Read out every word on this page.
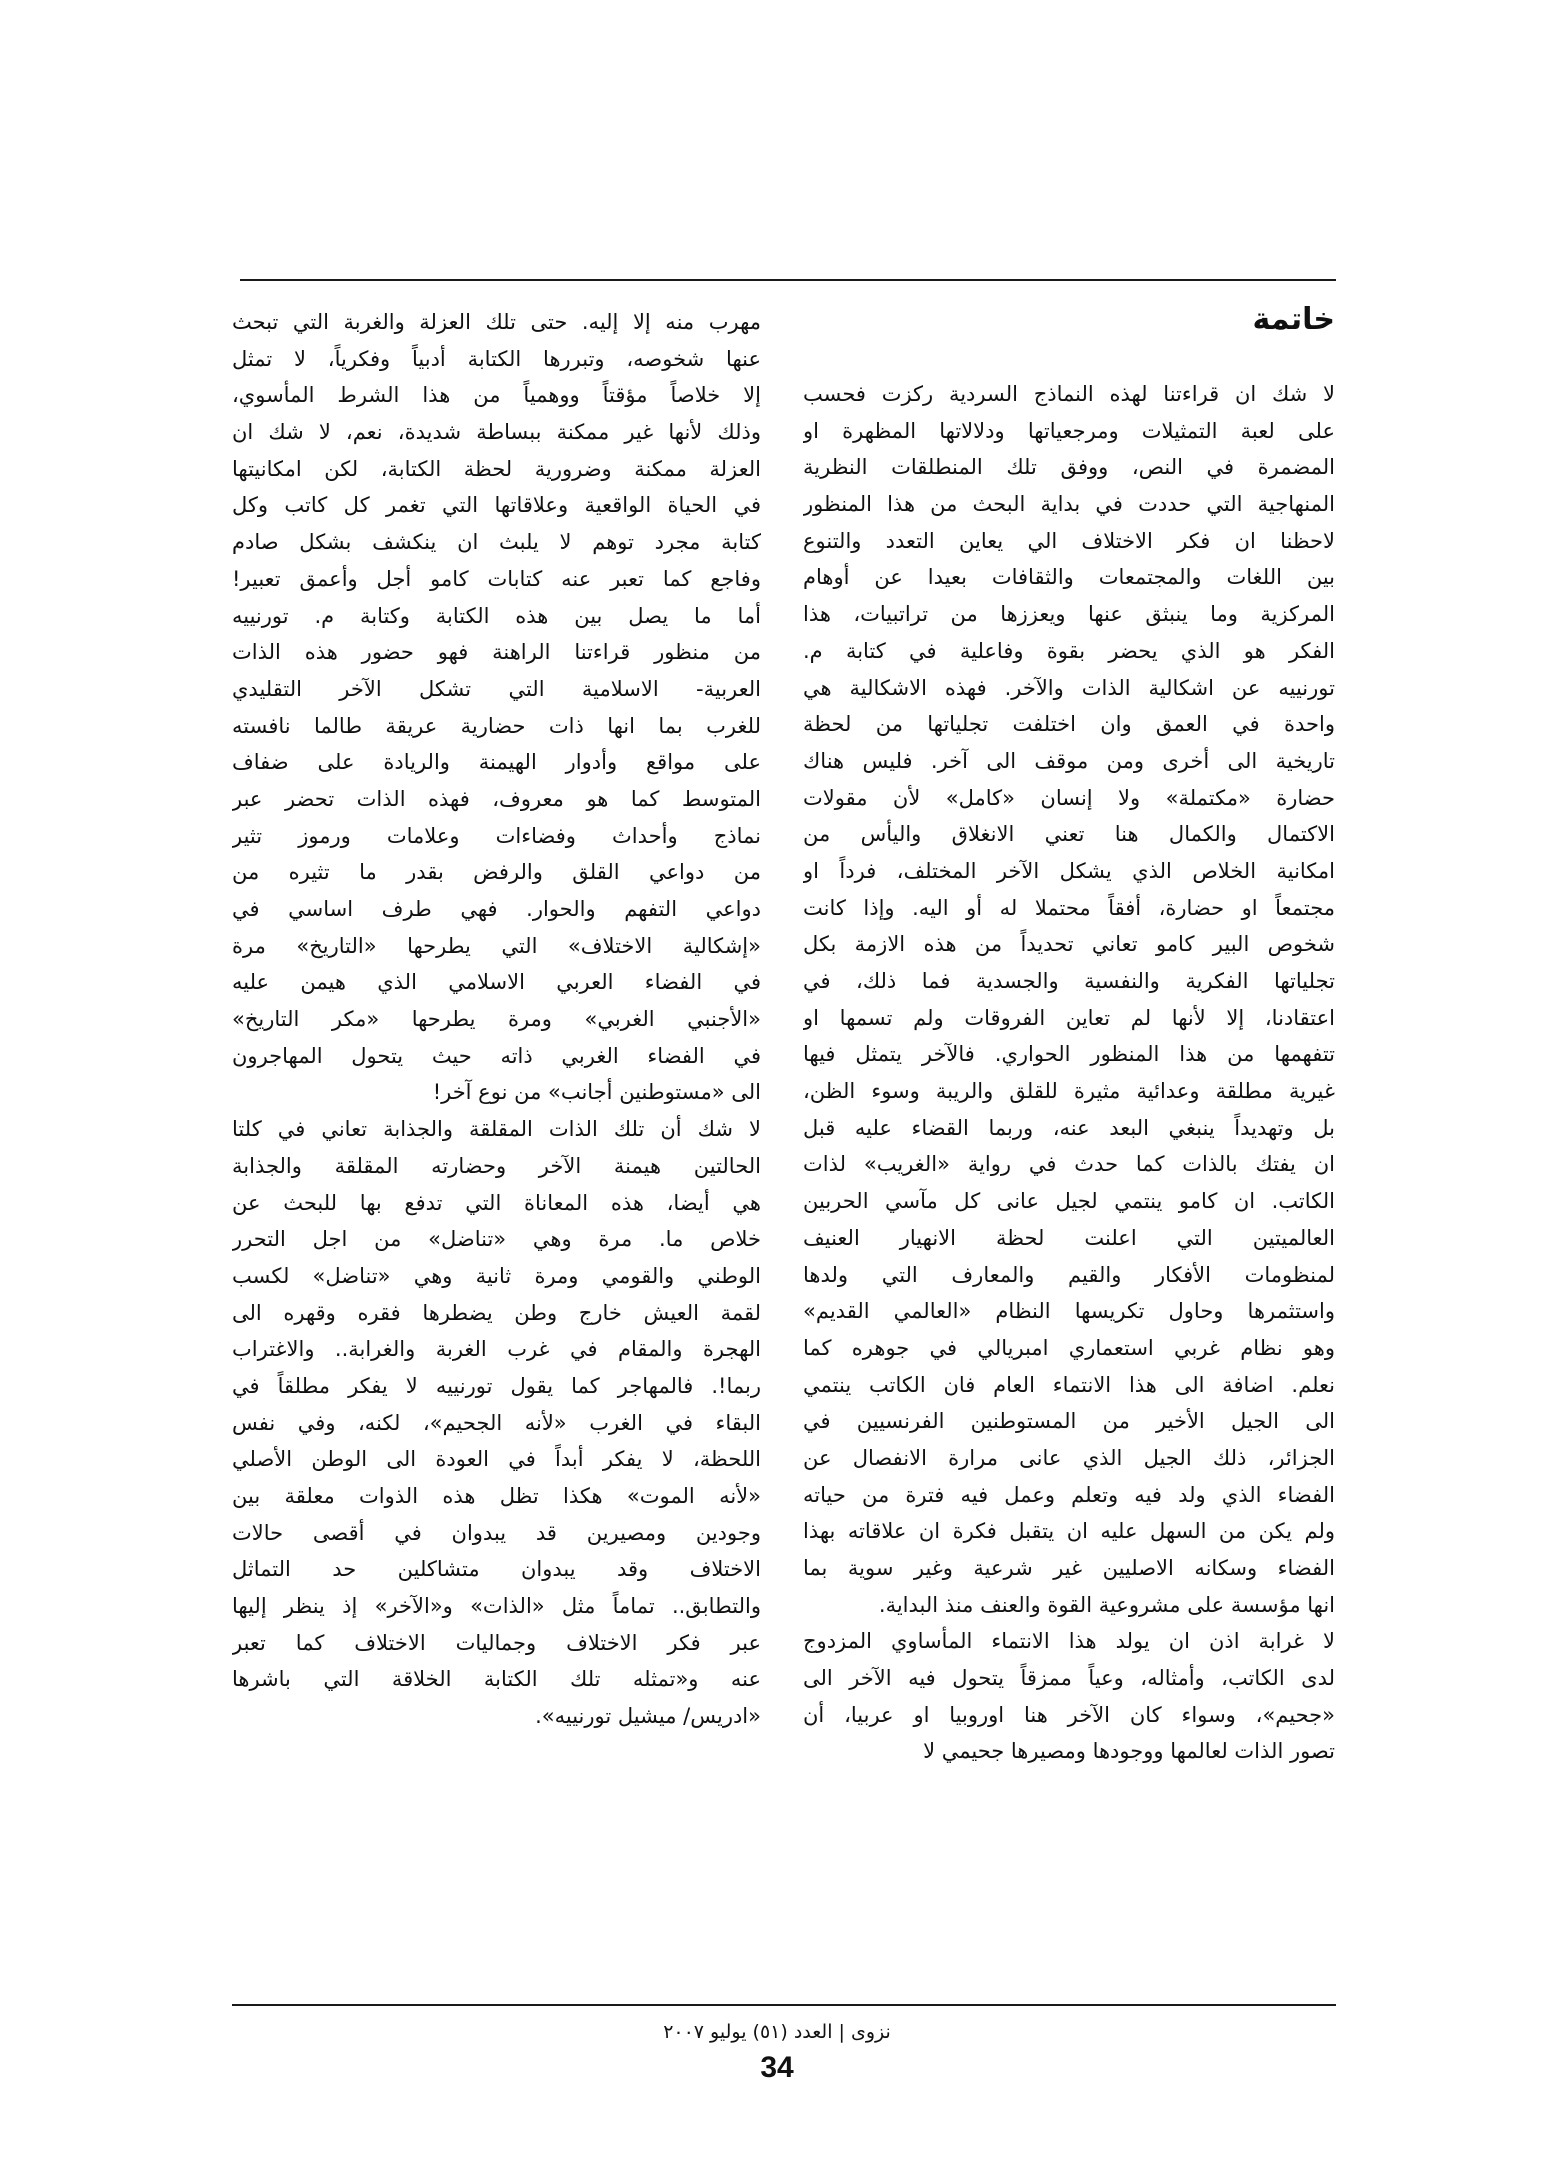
خاتمة
لا شك ان قراءتنا لهذه النماذج السردية ركزت فحسب
على لعبة التمثيلات ومرجعياتها ودلالاتها المظهرة او
المضمرة في النص، ووفق تلك المنطلقات النظرية
المنهاجية التي حددت في بداية البحث من هذا المنظور
لاحظنا ان فكر الاختلاف الي يعاين التعدد والتنوع
بين اللغات والمجتمعات والثقافات بعيدا عن أوهام
المركزية وما ينبثق عنها ويعززها من تراتبيات، هذا
الفكر هو الذي يحضر بقوة وفاعلية في كتابة م.
تورنييه عن اشكالية الذات والآخر. فهذه الاشكالية هي
واحدة في العمق وان اختلفت تجلياتها من لحظة
تاريخية الى أخرى ومن موقف الى آخر. فليس هناك
حضارة «مكتملة» ولا إنسان «كامل» لأن مقولات
الاكتمال والكمال هنا تعني الانغلاق واليأس من
امكانية الخلاص الذي يشكل الآخر المختلف، فرداً او
مجتمعاً او حضارة، أفقاً محتملا له أو اليه. وإذا كانت
شخوص البير كامو تعاني تحديداً من هذه الازمة بكل
تجلياتها الفكرية والنفسية والجسدية فما ذلك، في
اعتقادنا، إلا لأنها لم تعاين الفروقات ولم تسمها او
تتفهمها من هذا المنظور الحواري. فالآخر يتمثل فيها
غيرية مطلقة وعدائية مثيرة للقلق والريبة وسوء الظن،
بل وتهديداً ينبغي البعد عنه، وربما القضاء عليه قبل
ان يفتك بالذات كما حدث في رواية «الغريب» لذات
الكاتب. ان كامو ينتمي لجيل عانى كل مآسي الحربين
العالميتين التي اعلنت لحظة الانهيار العنيف
لمنظومات الأفكار والقيم والمعارف التي ولدها
واستثمرها وحاول تكريسها النظام «العالمي القديم»
وهو نظام غربي استعماري امبريالي في جوهره كما
نعلم. اضافة الى هذا الانتماء العام فان الكاتب ينتمي
الى الجيل الأخير من المستوطنين الفرنسيين في
الجزائر، ذلك الجيل الذي عانى مرارة الانفصال عن
الفضاء الذي ولد فيه وتعلم وعمل فيه فترة من حياته
ولم يكن من السهل عليه ان يتقبل فكرة ان علاقاته بهذا
الفضاء وسكانه الاصليين غير شرعية وغير سوية بما
انها مؤسسة على مشروعية القوة والعنف منذ البداية.
لا غرابة اذن ان يولد هذا الانتماء المأساوي المزدوج
لدى الكاتب، وأمثاله، وعياً ممزقاً يتحول فيه الآخر الى
«جحيم»، وسواء كان الآخر هنا اوروبيا او عربيا، أن
تصور الذات لعالمها ووجودها ومصيرها جحيمي لا
مهرب منه إلا إليه. حتى تلك العزلة والغربة التي تبحث
عنها شخوصه، وتبررها الكتابة أدبياً وفكرياً، لا تمثل
إلا خلاصاً مؤقتاً ووهمياً من هذا الشرط المأسوي،
وذلك لأنها غير ممكنة ببساطة شديدة، نعم، لا شك ان
العزلة ممكنة وضرورية لحظة الكتابة، لكن امكانيتها
في الحياة الواقعية وعلاقاتها التي تغمر كل كاتب وكل
كتابة مجرد توهم لا يلبث ان ينكشف بشكل صادم
وفاجع كما تعبر عنه كتابات كامو أجل وأعمق تعبير!
أما ما يصل بين هذه الكتابة وكتابة م. تورنييه
من منظور قراءتنا الراهنة فهو حضور هذه الذات
العربية- الاسلامية التي تشكل الآخر التقليدي
للغرب بما انها ذات حضارية عريقة طالما نافسته
على مواقع وأدوار الهيمنة والريادة على ضفاف
المتوسط كما هو معروف، فهذه الذات تحضر عبر
نماذج وأحداث وفضاءات وعلامات ورموز تثير
من دواعي القلق والرفض بقدر ما تثيره من
دواعي التفهم والحوار. فهي طرف اساسي في
«إشكالية الاختلاف» التي يطرحها «التاريخ» مرة
في الفضاء العربي الاسلامي الذي هيمن عليه
«الأجنبي الغربي» ومرة يطرحها «مكر التاريخ»
في الفضاء الغربي ذاته حيث يتحول المهاجرون
الى «مستوطنين أجانب» من نوع آخر!
لا شك أن تلك الذات المقلقة والجذابة تعاني في كلتا
الحالتين هيمنة الآخر وحضارته المقلقة والجذابة
هي أيضا، هذه المعاناة التي تدفع بها للبحث عن
خلاص ما. مرة وهي «تناضل» من اجل التحرر
الوطني والقومي ومرة ثانية وهي «تناضل» لكسب
لقمة العيش خارج وطن يضطرها فقره وقهره الى
الهجرة والمقام في غرب الغربة والغرابة.. والاغتراب
ربما!. فالمهاجر كما يقول تورنييه لا يفكر مطلقاً في
البقاء في الغرب «لأنه الجحيم»، لكنه، وفي نفس
اللحظة، لا يفكر أبداً في العودة الى الوطن الأصلي
«لأنه الموت» هكذا تظل هذه الذوات معلقة بين
وجودين ومصيرين قد يبدوان في أقصى حالات
الاختلاف وقد يبدوان متشاكلين حد التماثل
والتطابق.. تماماً مثل «الذات» و«الآخر» إذ ينظر إليها
عبر فكر الاختلاف وجماليات الاختلاف كما تعبر
عنه و«تمثله تلك الكتابة الخلاقة التي باشرها
«ادريس/ ميشيل تورنييه».
نزوى | العدد (٥١) يوليو ٢٠٠٧
34
